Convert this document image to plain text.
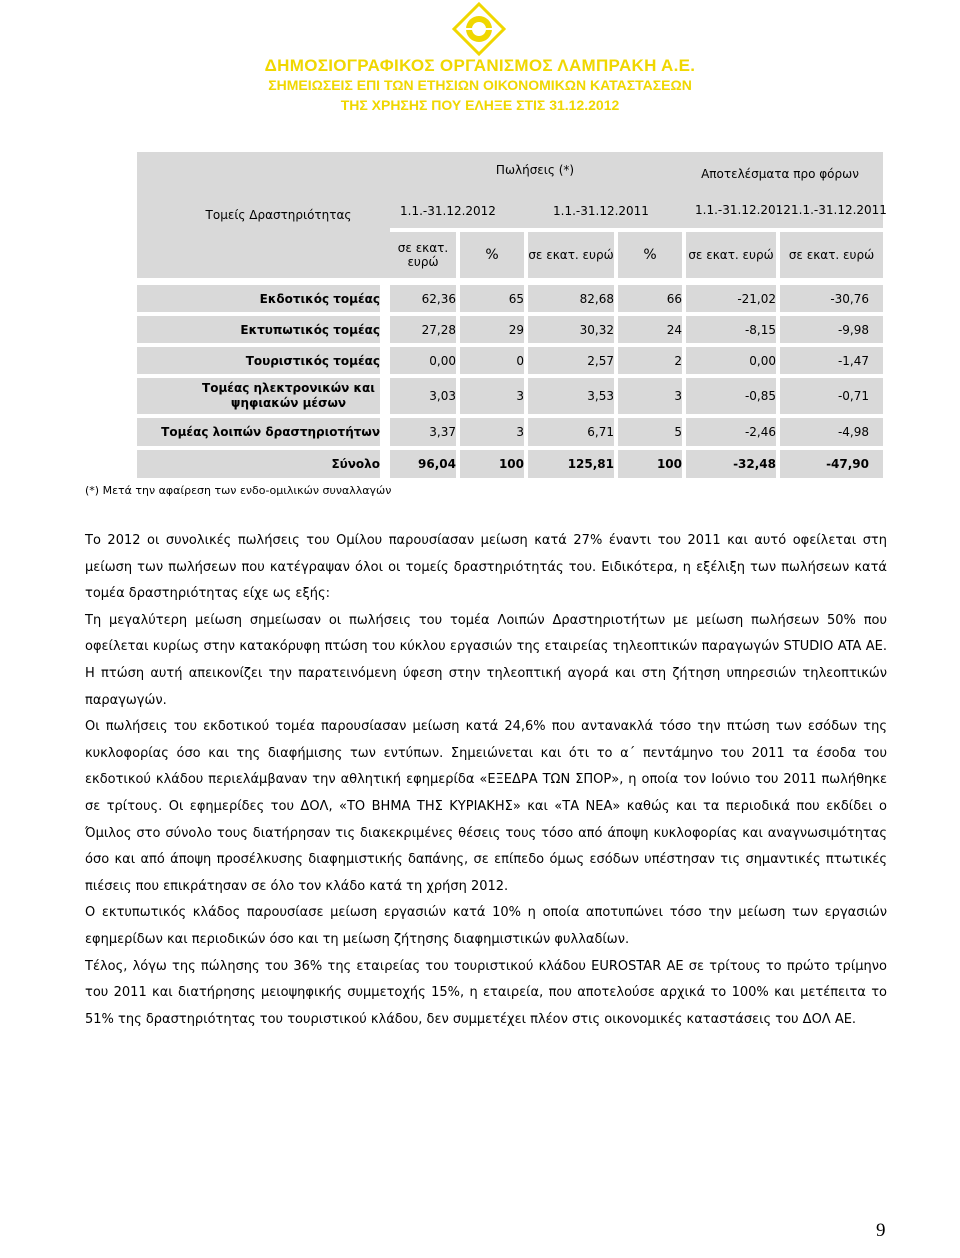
ΔΗΜΟΣΙΟΓΡΑΦΙΚΟΣ ΟΡΓΑΝΙΣΜΟΣ ΛΑΜΠΡΑΚΗ Α.Ε.
ΣΗΜΕΙΩΣΕΙΣ ΕΠΙ ΤΩΝ ΕΤΗΣΙΩΝ ΟΙΚΟΝΟΜΙΚΩΝ ΚΑΤΑΣΤΑΣΕΩΝ
ΤΗΣ ΧΡΗΣΗΣ ΠΟΥ ΕΛΗΞΕ ΣΤΙΣ 31.12.2012
Τομείς Δραστηριότητας
Πωλήσεις (*)	Αποτελέσματα προ φόρων
1.1.-31.12.2012	1.1.-31.12.2011	1.1.-31.12.2012 1.1.-31.12.2011
σε εκατ. ευρώ	%	σε εκατ. ευρώ	%	σε εκατ. ευρώ	σε εκατ. ευρώ
Εκδοτικός τομέας	62,36	65	82,68	66	-21,02	-30,76
Εκτυπωτικός τομέας	27,28	29	30,32	24	-8,15	-9,98
Τουριστικός τομέας	0,00	0	2,57	2	0,00	-1,47
Τομέας ηλεκτρονικών και ψηφιακών μέσων	3,03	3	3,53	3	-0,85	-0,71
Τομέας λοιπών δραστηριοτήτων	3,37	3	6,71	5	-2,46	-4,98
Σύνολο	96,04	100	125,81	100	-32,48	-47,90
(*) Μετά την αφαίρεση των ενδο-ομιλικών συναλλαγών

Το 2012 οι συνολικές πωλήσεις του Ομίλου παρουσίασαν μείωση κατά 27% έναντι του 2011 και αυτό οφείλεται στη μείωση των πωλήσεων που κατέγραψαν όλοι οι τομείς δραστηριότητάς του. Ειδικότερα, η εξέλιξη των πωλήσεων κατά τομέα δραστηριότητας είχε ως εξής:

Τη μεγαλύτερη μείωση σημείωσαν οι πωλήσεις του τομέα Λοιπών Δραστηριοτήτων με μείωση πωλήσεων 50% που οφείλεται κυρίως στην κατακόρυφη πτώση του κύκλου εργασιών της εταιρείας τηλεοπτικών παραγωγών STUDIO ATA AE. Η πτώση αυτή απεικονίζει την παρατεινόμενη ύφεση στην τηλεοπτική αγορά και στη ζήτηση υπηρεσιών τηλεοπτικών παραγωγών.

Οι πωλήσεις του εκδοτικού τομέα παρουσίασαν μείωση κατά 24,6% που αντανακλά τόσο την πτώση των εσόδων της κυκλοφορίας όσο και της διαφήμισης των εντύπων. Σημειώνεται και ότι το α΄ πεντάμηνο του 2011 τα έσοδα του εκδοτικού κλάδου περιελάμβαναν την αθλητική εφημερίδα «ΕΞΕΔΡΑ ΤΩΝ ΣΠΟΡ», η οποία τον Ιούνιο του 2011 πωλήθηκε σε τρίτους. Οι εφημερίδες του ΔΟΛ, «ΤΟ ΒΗΜΑ ΤΗΣ ΚΥΡΙΑΚΗΣ» και «ΤΑ ΝΕΑ» καθώς και τα περιοδικά που εκδίδει ο Όμιλος στο σύνολο τους διατήρησαν τις διακεκριμένες θέσεις τους τόσο από άποψη κυκλοφορίας και αναγνωσιμότητας όσο και από άποψη προσέλκυσης διαφημιστικής δαπάνης, σε επίπεδο όμως εσόδων υπέστησαν τις σημαντικές πτωτικές πιέσεις που επικράτησαν σε όλο τον κλάδο κατά τη χρήση 2012.

Ο εκτυπωτικός κλάδος παρουσίασε μείωση εργασιών κατά 10% η οποία αποτυπώνει τόσο την μείωση των εργασιών εφημερίδων και περιοδικών όσο και τη μείωση ζήτησης διαφημιστικών φυλλαδίων.

Τέλος, λόγω της πώλησης του 36% της εταιρείας του τουριστικού κλάδου EUROSTAR AE σε τρίτους το πρώτο τρίμηνο του 2011 και διατήρησης μειοψηφικής συμμετοχής 15%, η εταιρεία, που αποτελούσε αρχικά το 100% και μετέπειτα το 51% της δραστηριότητας του τουριστικού κλάδου, δεν συμμετέχει πλέον στις οικονομικές καταστάσεις του ΔΟΛ ΑΕ.

9
